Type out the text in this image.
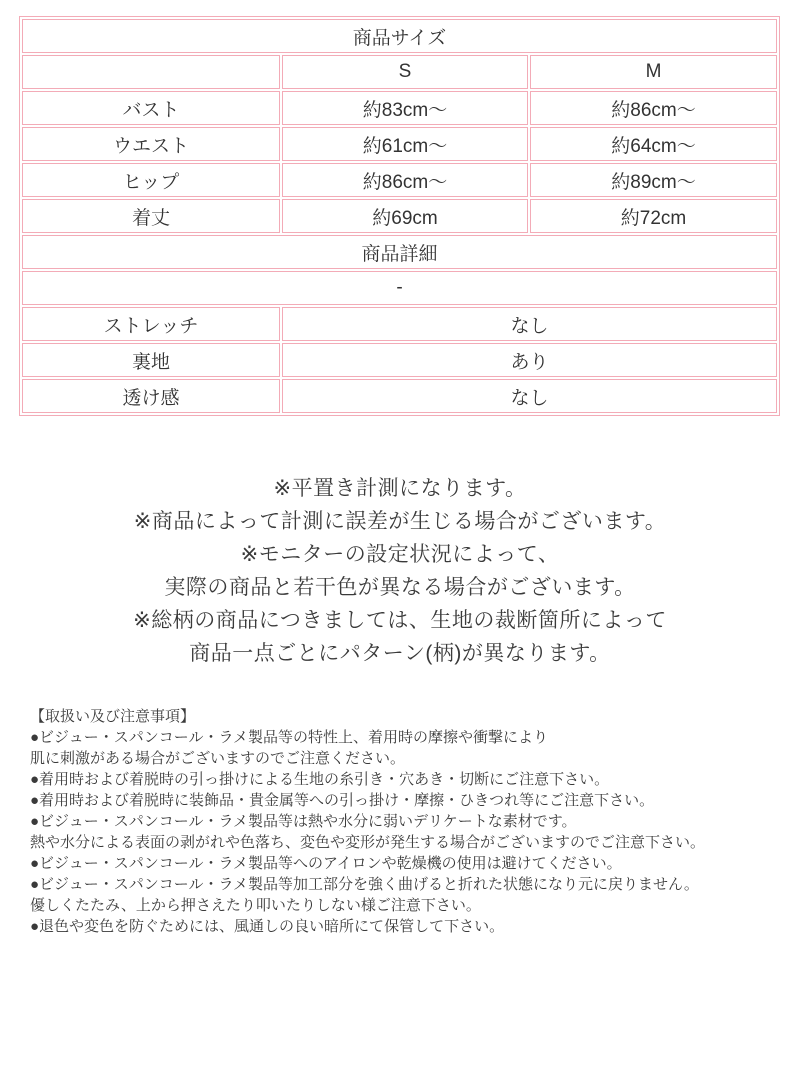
商品サイズ		
	S	M
バスト	約83cm〜	約86cm〜
ウエスト	約61cm〜	約64cm〜
ヒップ	約86cm〜	約89cm〜
着丈	約69cm	約72cm
商品詳細		
-		
ストレッチ	なし	
裏地	あり	
透け感	なし	
※平置き計測になります。
※商品によって計測に誤差が生じる場合がございます。
※モニターの設定状況によって、
実際の商品と若干色が異なる場合がございます。
※総柄の商品につきましては、生地の裁断箇所によって
商品一点ごとにパターン(柄)が異なります。
【取扱い及び注意事項】
●ビジュー・スパンコール・ラメ製品等の特性上、着用時の摩擦や衝撃により
肌に刺激がある場合がございますのでご注意ください。
●着用時および着脱時の引っ掛けによる生地の糸引き・穴あき・切断にご注意下さい。
●着用時および着脱時に装飾品・貴金属等への引っ掛け・摩擦・ひきつれ等にご注意下さい。
●ビジュー・スパンコール・ラメ製品等は熱や水分に弱いデリケートな素材です。
熱や水分による表面の剥がれや色落ち、変色や変形が発生する場合がございますのでご注意下さい。
●ビジュー・スパンコール・ラメ製品等へのアイロンや乾燥機の使用は避けてください。
●ビジュー・スパンコール・ラメ製品等加工部分を強く曲げると折れた状態になり元に戻りません。
優しくたたみ、上から押さえたり叩いたりしない様ご注意下さい。
●退色や変色を防ぐためには、風通しの良い暗所にて保管して下さい。
